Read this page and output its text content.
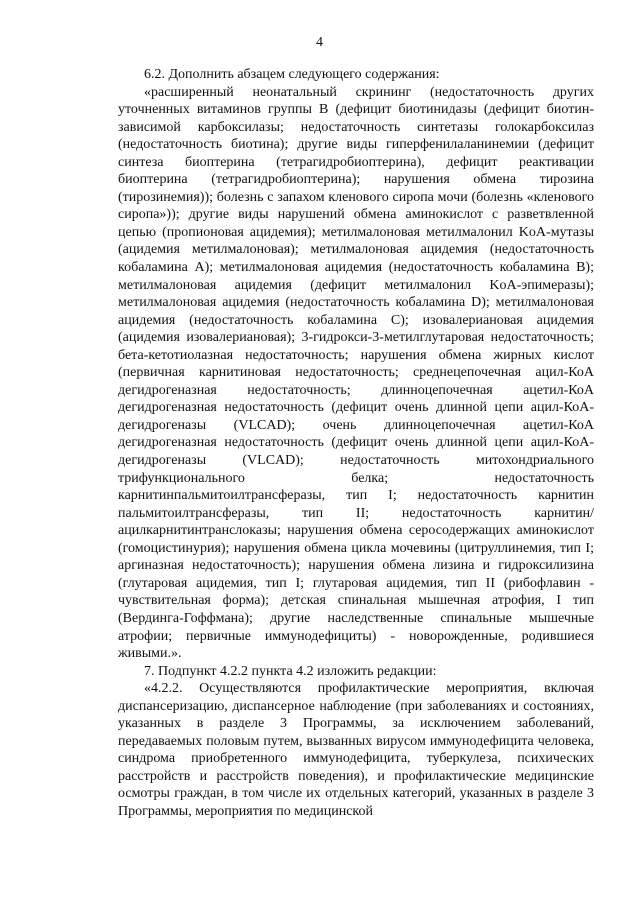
4

6.2. Дополнить абзацем следующего содержания:

«расширенный неонатальный скрининг (недостаточность других уточненных витаминов группы В (дефицит биотинидазы (дефицит биотин-зависимой карбоксилазы; недостаточность синтетазы голокарбоксилаз (недостаточность биотина); другие виды гиперфенилаланинемии (дефицит синтеза биоптерина (тетрагидробиоптерина), дефицит реактивации биоптерина (тетрагидробиоптерина); нарушения обмена тирозина (тирозинемия)); болезнь с запахом кленового сиропа мочи (болезнь «кленового сиропа»)); другие виды нарушений обмена аминокислот с разветвленной цепью (пропионовая ацидемия); метилмалоновая метилмалонил KoA-мутазы (ацидемия метилмалоновая); метилмалоновая ацидемия (недостаточность кобаламина А); метилмалоновая ацидемия (недостаточность кобаламина В); метилмалоновая ацидемия (дефицит метилмалонил KoA-эпимеразы); метилмалоновая ацидемия (недостаточность кобаламина D); метилмалоновая ацидемия (недостаточность кобаламина С); изовалериановая ацидемия (ацидемия изовалериановая); 3-гидрокси-3-метилглутаровая недостаточность; бета-кетотиолазная недостаточность; нарушения обмена жирных кислот (первичная карнитиновая недостаточность; среднецепочечная ацил-КоА дегидрогеназная недостаточность; длинноцепочечная ацетил-КоА дегидрогеназная недостаточность (дефицит очень длинной цепи ацил-КоА-дегидрогеназы (VLCAD); очень длинноцепочечная ацетил-КоА дегидрогеназная недостаточность (дефицит очень длинной цепи ацил-КоА-дегидрогеназы (VLCAD); недостаточность митохондриального трифункционального белка; недостаточность карнитинпальмитоилтрансферазы, тип I; недостаточность карнитин пальмитоилтрансферазы, тип II; недостаточность карнитин/ацилкарнитинтранслоказы; нарушения обмена серосодержащих аминокислот (гомоцистинурия); нарушения обмена цикла мочевины (цитруллинемия, тип I; аргиназная недостаточность); нарушения обмена лизина и гидроксилизина (глутаровая ацидемия, тип I; глутаровая ацидемия, тип II (рибофлавин - чувствительная форма); детская спинальная мышечная атрофия, I тип (Вердинга-Гоффмана); другие наследственные спинальные мышечные атрофии; первичные иммунодефициты) - новорожденные, родившиеся живыми.».

7. Подпункт 4.2.2 пункта 4.2 изложить редакции:

«4.2.2. Осуществляются профилактические мероприятия, включая диспансеризацию, диспансерное наблюдение (при заболеваниях и состояниях, указанных в разделе 3 Программы, за исключением заболеваний, передаваемых половым путем, вызванных вирусом иммунодефицита человека, синдрома приобретенного иммунодефицита, туберкулеза, психических расстройств и расстройств поведения), и профилактические медицинские осмотры граждан, в том числе их отдельных категорий, указанных в разделе 3 Программы, мероприятия по медицинской
